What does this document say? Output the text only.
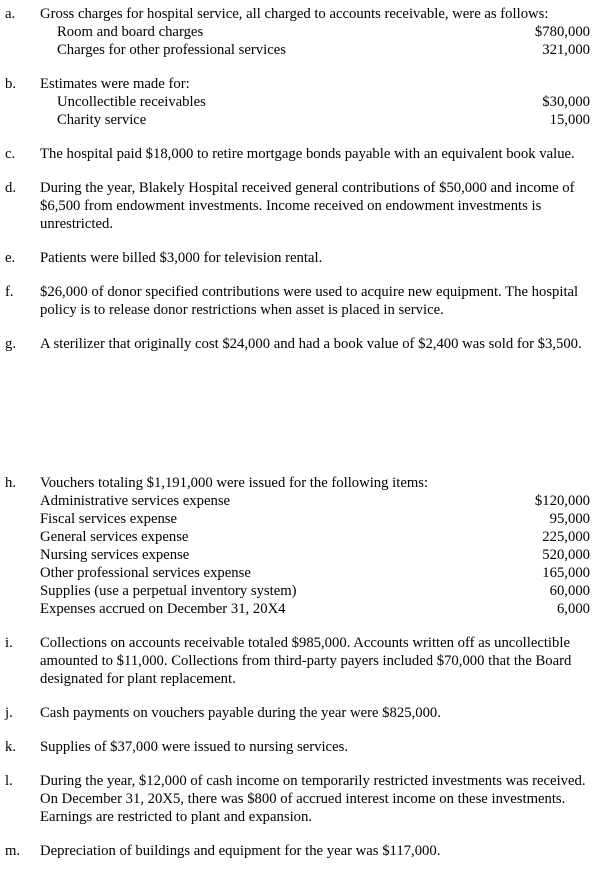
a.	Gross charges for hospital service, all charged to accounts receivable, were as follows:
Room and board charges	$780,000
Charges for other professional services	321,000
b.	Estimates were made for:
Uncollectible receivables	$30,000
Charity service	15,000
c.	The hospital paid $18,000 to retire mortgage bonds payable with an equivalent book value.
d.	During the year, Blakely Hospital received general contributions of $50,000 and income of $6,500 from endowment investments. Income received on endowment investments is unrestricted.
e.	Patients were billed $3,000 for television rental.
f.	$26,000 of donor specified contributions were used to acquire new equipment. The hospital policy is to release donor restrictions when asset is placed in service.
g.	A sterilizer that originally cost $24,000 and had a book value of $2,400 was sold for $3,500.
h.	Vouchers totaling $1,191,000 were issued for the following items:
Administrative services expense	$120,000
Fiscal services expense	95,000
General services expense	225,000
Nursing services expense	520,000
Other professional services expense	165,000
Supplies (use a perpetual inventory system)	60,000
Expenses accrued on December 31, 20X4	6,000
i.	Collections on accounts receivable totaled $985,000. Accounts written off as uncollectible amounted to $11,000. Collections from third-party payers included $70,000 that the Board designated for plant replacement.
j.	Cash payments on vouchers payable during the year were $825,000.
k.	Supplies of $37,000 were issued to nursing services.
l.	During the year, $12,000 of cash income on temporarily restricted investments was received. On December 31, 20X5, there was $800 of accrued interest income on these investments. Earnings are restricted to plant and expansion.
m.	Depreciation of buildings and equipment for the year was $117,000.
